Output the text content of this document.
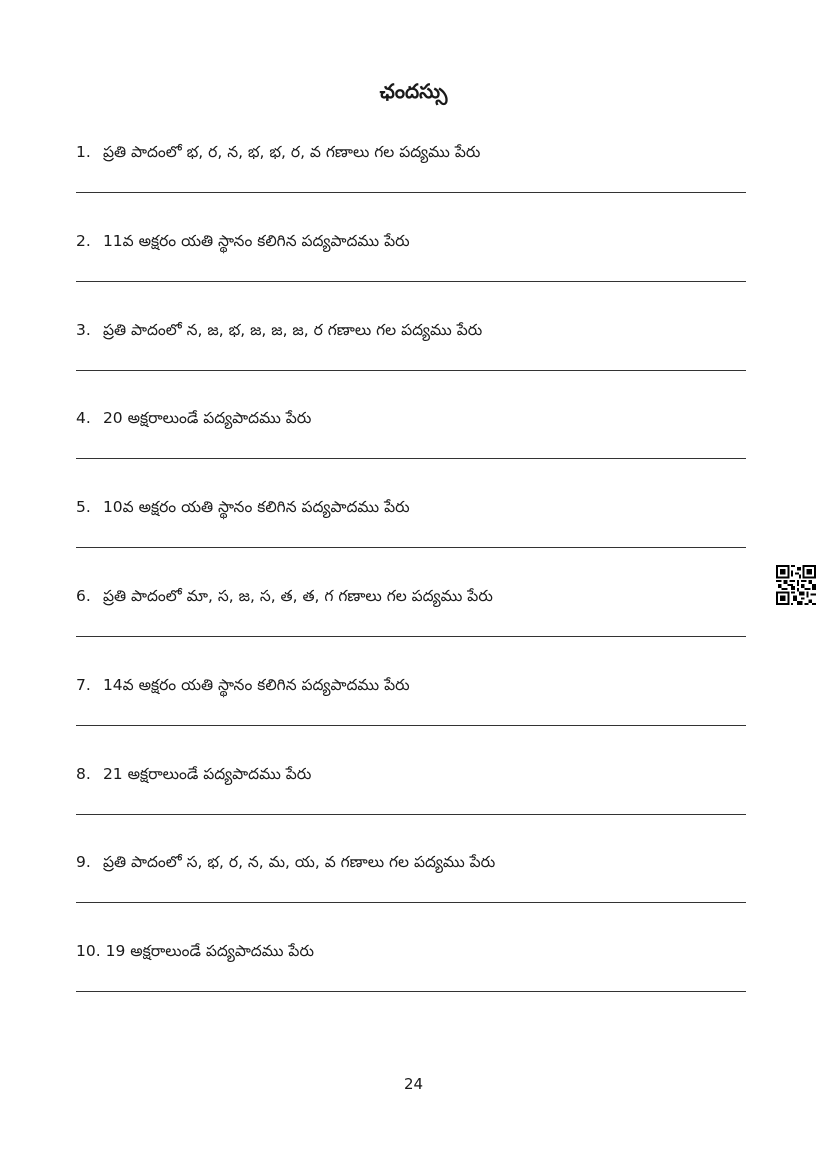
ఛందస్సు
1. ప్రతి పాదంలో భ, ర, న, భ, భ, ర, వ గణాలు గల పద్యము పేరు
2. 11వ అక్షరం యతి స్థానం కలిగిన పద్యపాదము పేరు
3. ప్రతి పాదంలో న, జ, భ, జ, జ, జ, ర గణాలు గల పద్యము పేరు
4. 20 అక్షరాలుండే పద్యపాదము పేరు
5. 10వ అక్షరం యతి స్థానం కలిగిన పద్యపాదము పేరు
6. ప్రతి పాదంలో మా, స, జ, స, త, త, గ గణాలు గల పద్యము పేరు
7. 14వ అక్షరం యతి స్థానం కలిగిన పద్యపాదము పేరు
8. 21 అక్షరాలుండే పద్యపాదము పేరు
9. ప్రతి పాదంలో స, భ, ర, న, మ, య, వ గణాలు గల పద్యము పేరు
10. 19 అక్షరాలుండే పద్యపాదము పేరు
24
